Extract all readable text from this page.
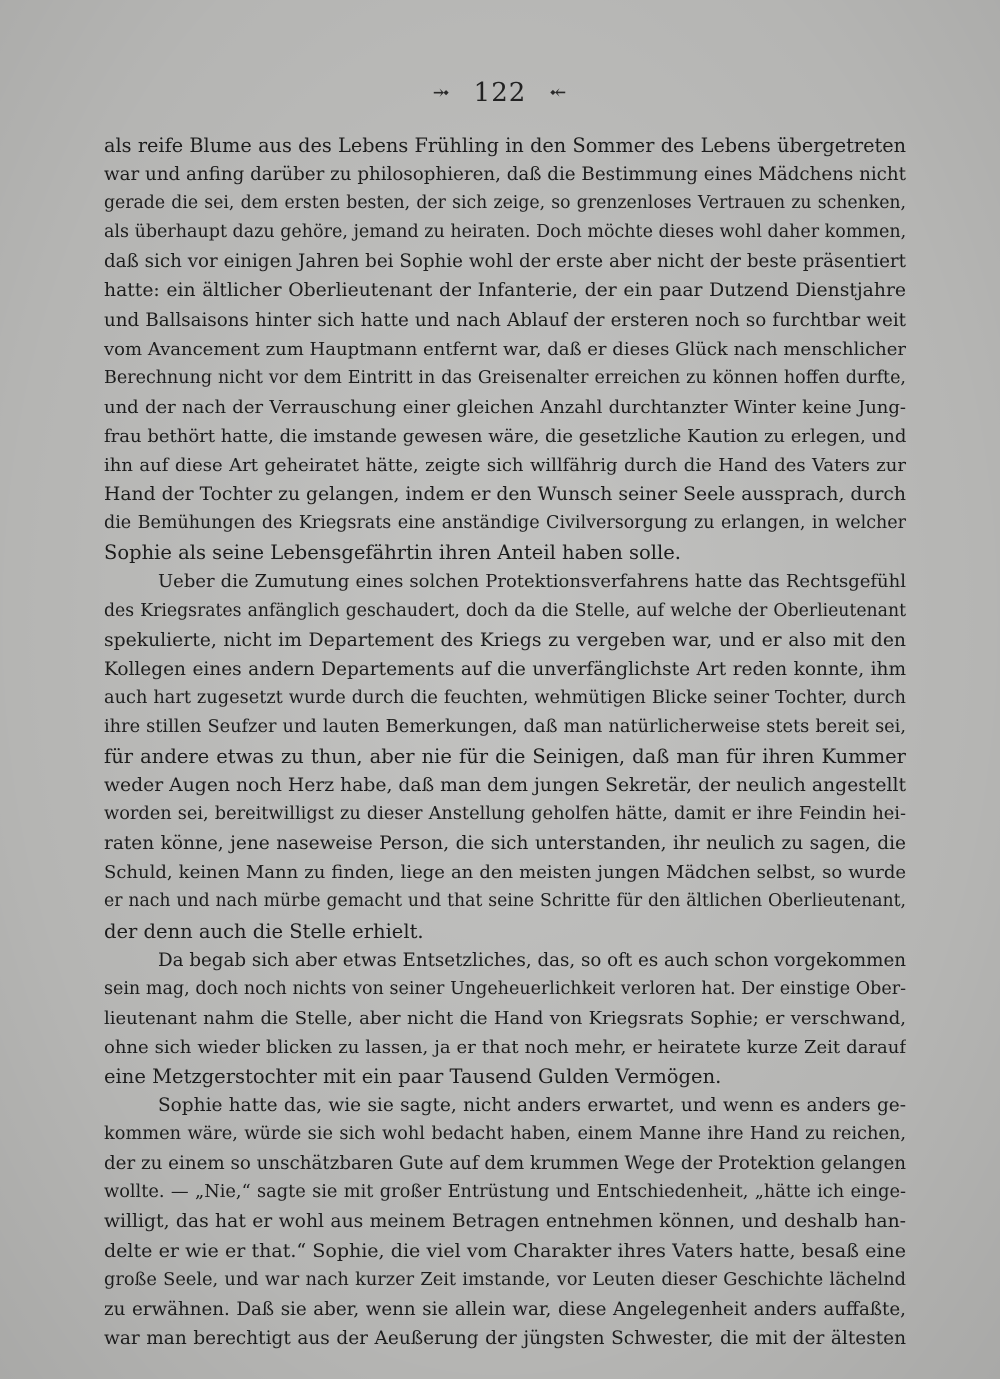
⤞ 122 ⤝
als reife Blume aus des Lebens Frühling in den Sommer des Lebens übergetreten
war und anfing darüber zu philosophieren, daß die Bestimmung eines Mädchens nicht
gerade die sei, dem ersten besten, der sich zeige, so grenzenloses Vertrauen zu schenken,
als überhaupt dazu gehöre, jemand zu heiraten. Doch möchte dieses wohl daher kommen,
daß sich vor einigen Jahren bei Sophie wohl der erste aber nicht der beste präsentiert
hatte: ein ältlicher Oberlieutenant der Infanterie, der ein paar Dutzend Dienstjahre
und Ballsaisons hinter sich hatte und nach Ablauf der ersteren noch so furchtbar weit
vom Avancement zum Hauptmann entfernt war, daß er dieses Glück nach menschlicher
Berechnung nicht vor dem Eintritt in das Greisenalter erreichen zu können hoffen durfte,
und der nach der Verrauschung einer gleichen Anzahl durchtanzter Winter keine Jung-
frau bethört hatte, die imstande gewesen wäre, die gesetzliche Kaution zu erlegen, und
ihn auf diese Art geheiratet hätte, zeigte sich willfährig durch die Hand des Vaters zur
Hand der Tochter zu gelangen, indem er den Wunsch seiner Seele aussprach, durch
die Bemühungen des Kriegsrats eine anständige Civilversorgung zu erlangen, in welcher
Sophie als seine Lebensgefährtin ihren Anteil haben solle.
Ueber die Zumutung eines solchen Protektionsverfahrens hatte das Rechtsgefühl
des Kriegsrates anfänglich geschaudert, doch da die Stelle, auf welche der Oberlieutenant
spekulierte, nicht im Departement des Kriegs zu vergeben war, und er also mit den
Kollegen eines andern Departements auf die unverfänglichste Art reden konnte, ihm
auch hart zugesetzt wurde durch die feuchten, wehmütigen Blicke seiner Tochter, durch
ihre stillen Seufzer und lauten Bemerkungen, daß man natürlicherweise stets bereit sei,
für andere etwas zu thun, aber nie für die Seinigen, daß man für ihren Kummer
weder Augen noch Herz habe, daß man dem jungen Sekretär, der neulich angestellt
worden sei, bereitwilligst zu dieser Anstellung geholfen hätte, damit er ihre Feindin hei-
raten könne, jene naseweise Person, die sich unterstanden, ihr neulich zu sagen, die
Schuld, keinen Mann zu finden, liege an den meisten jungen Mädchen selbst, so wurde
er nach und nach mürbe gemacht und that seine Schritte für den ältlichen Oberlieutenant,
der denn auch die Stelle erhielt.
Da begab sich aber etwas Entsetzliches, das, so oft es auch schon vorgekommen
sein mag, doch noch nichts von seiner Ungeheuerlichkeit verloren hat. Der einstige Ober-
lieutenant nahm die Stelle, aber nicht die Hand von Kriegsrats Sophie; er verschwand,
ohne sich wieder blicken zu lassen, ja er that noch mehr, er heiratete kurze Zeit darauf
eine Metzgerstochter mit ein paar Tausend Gulden Vermögen.
Sophie hatte das, wie sie sagte, nicht anders erwartet, und wenn es anders ge-
kommen wäre, würde sie sich wohl bedacht haben, einem Manne ihre Hand zu reichen,
der zu einem so unschätzbaren Gute auf dem krummen Wege der Protektion gelangen
wollte. — „Nie,“ sagte sie mit großer Entrüstung und Entschiedenheit, „hätte ich einge-
willigt, das hat er wohl aus meinem Betragen entnehmen können, und deshalb han-
delte er wie er that.“ Sophie, die viel vom Charakter ihres Vaters hatte, besaß eine
große Seele, und war nach kurzer Zeit imstande, vor Leuten dieser Geschichte lächelnd
zu erwähnen. Daß sie aber, wenn sie allein war, diese Angelegenheit anders auffaßte,
war man berechtigt aus der Aeußerung der jüngsten Schwester, die mit der ältesten
